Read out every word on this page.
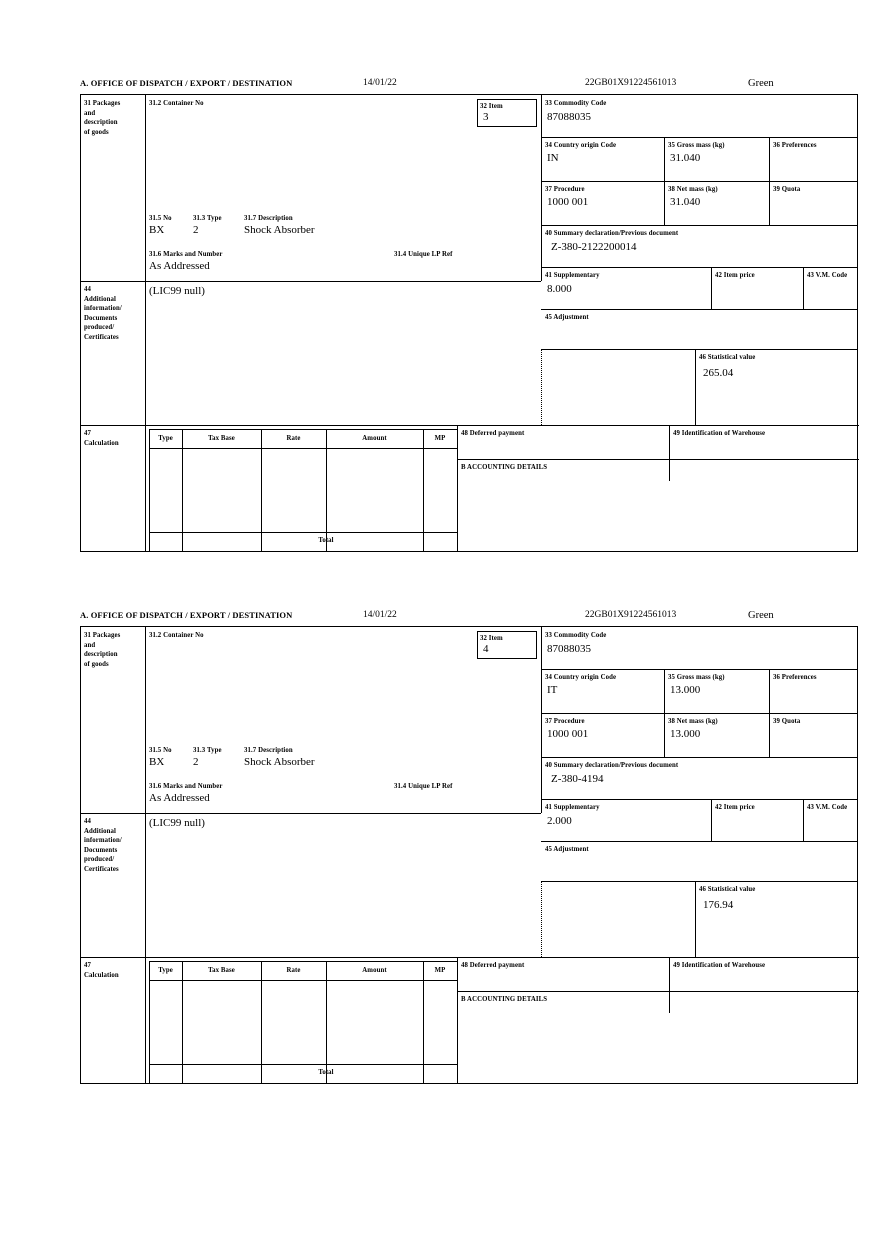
A. OFFICE OF DISPATCH / EXPORT / DESTINATION	14/01/22	22GB01X91224561013	Green
31 Packages
and
description
of goods
31.2 Container No
31.5 No	31.3 Type	31.7 Description
BX	2	Shock Absorber
31.6 Marks and Number	31.4 Unique LP Ref
As Addressed
32 Item
3
33 Commodity Code
87088035
34 Country origin Code
IN
35 Gross mass (kg)
31.040
36 Preferences
37 Procedure
1000 001
38 Net mass (kg)
31.040
39 Quota
40 Summary declaration/Previous document
Z-380-2122200014
41 Supplementary
8.000
42 Item price	43 V.M. Code
44
Additional
information/
Documents
produced/
Certificates
(LIC99 null)
45 Adjustment
46 Statistical value
265.04
47
Calculation
Type	Tax Base	Rate	Amount	MP
Total
48 Deferred payment	49 Identification of Warehouse
B ACCOUNTING DETAILS
A. OFFICE OF DISPATCH / EXPORT / DESTINATION	14/01/22	22GB01X91224561013	Green
31 Packages
and
description
of goods
31.2 Container No
31.5 No	31.3 Type	31.7 Description
BX	2	Shock Absorber
31.6 Marks and Number	31.4 Unique LP Ref
As Addressed
32 Item
4
33 Commodity Code
87088035
34 Country origin Code
IT
35 Gross mass (kg)
13.000
36 Preferences
37 Procedure
1000 001
38 Net mass (kg)
13.000
39 Quota
40 Summary declaration/Previous document
Z-380-4194
41 Supplementary
2.000
42 Item price	43 V.M. Code
44
Additional
information/
Documents
produced/
Certificates
(LIC99 null)
45 Adjustment
46 Statistical value
176.94
47
Calculation
Type	Tax Base	Rate	Amount	MP
Total
48 Deferred payment	49 Identification of Warehouse
B ACCOUNTING DETAILS
